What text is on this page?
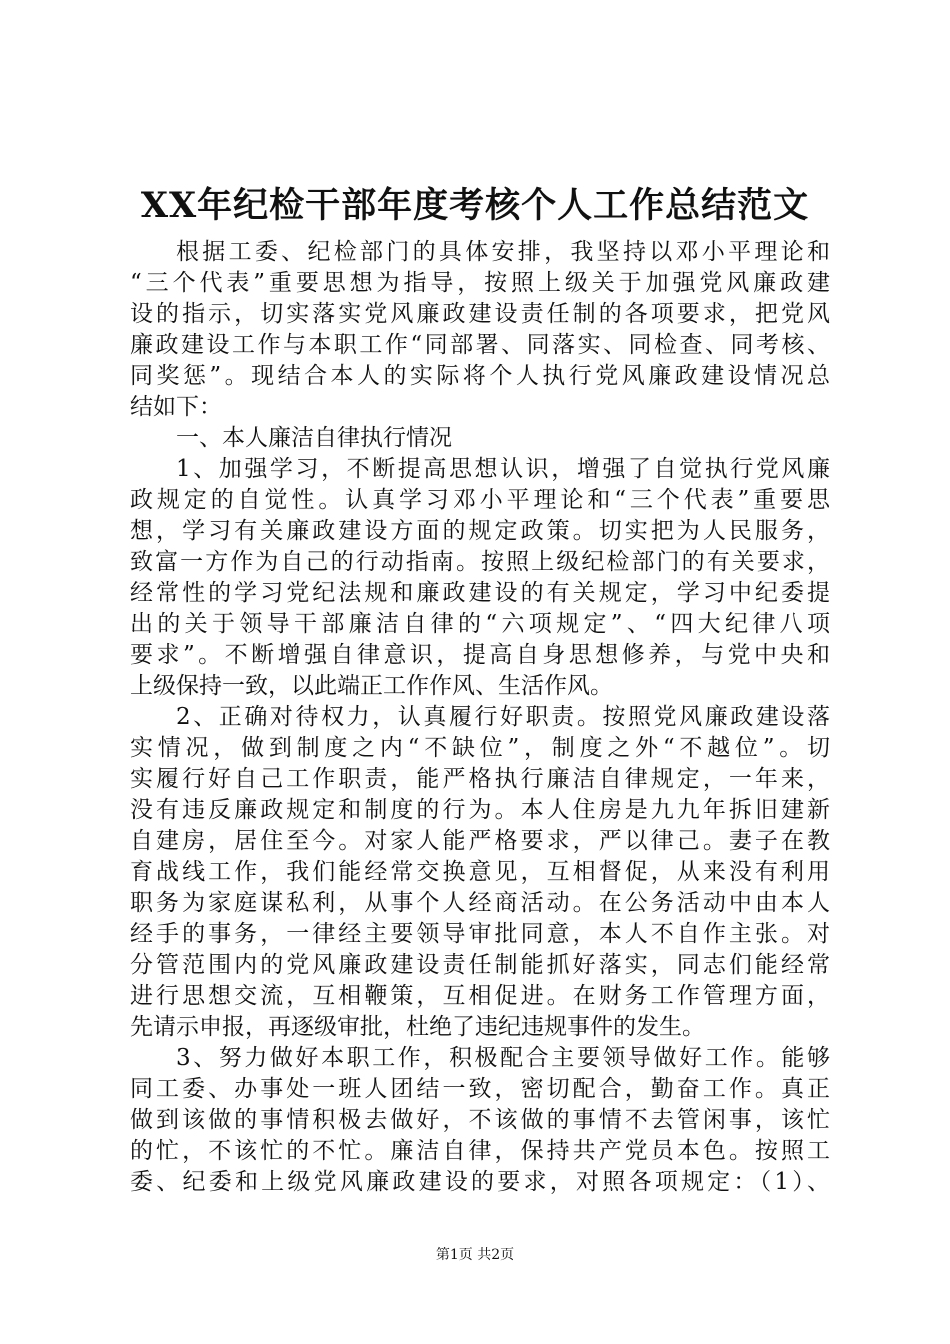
XX年纪检干部年度考核个人工作总结范文
根据工委、纪检部门的具体安排，我坚持以邓小平理论和
“三个代表”重要思想为指导，按照上级关于加强党风廉政建
设的指示，切实落实党风廉政建设责任制的各项要求，把党风
廉政建设工作与本职工作“同部署、同落实、同检查、同考核、
同奖惩”。现结合本人的实际将个人执行党风廉政建设情况总
结如下：
一、本人廉洁自律执行情况
1、加强学习，不断提高思想认识，增强了自觉执行党风廉
政规定的自觉性。认真学习邓小平理论和“三个代表”重要思
想，学习有关廉政建设方面的规定政策。切实把为人民服务，
致富一方作为自己的行动指南。按照上级纪检部门的有关要求，
经常性的学习党纪法规和廉政建设的有关规定，学习中纪委提
出的关于领导干部廉洁自律的“六项规定”、“四大纪律八项
要求”。不断增强自律意识，提高自身思想修养，与党中央和
上级保持一致，以此端正工作作风、生活作风。
2、正确对待权力，认真履行好职责。按照党风廉政建设落
实情况，做到制度之内“不缺位”，制度之外“不越位”。切
实履行好自己工作职责，能严格执行廉洁自律规定，一年来，
没有违反廉政规定和制度的行为。本人住房是九九年拆旧建新
自建房，居住至今。对家人能严格要求，严以律己。妻子在教
育战线工作，我们能经常交换意见，互相督促，从来没有利用
职务为家庭谋私利，从事个人经商活动。在公务活动中由本人
经手的事务，一律经主要领导审批同意，本人不自作主张。对
分管范围内的党风廉政建设责任制能抓好落实，同志们能经常
进行思想交流，互相鞭策，互相促进。在财务工作管理方面，
先请示申报，再逐级审批，杜绝了违纪违规事件的发生。
3、努力做好本职工作，积极配合主要领导做好工作。能够
同工委、办事处一班人团结一致，密切配合，勤奋工作。真正
做到该做的事情积极去做好，不该做的事情不去管闲事，该忙
的忙，不该忙的不忙。廉洁自律，保持共产党员本色。按照工
委、纪委和上级党风廉政建设的要求，对照各项规定：（1）、
第1页 共2页
